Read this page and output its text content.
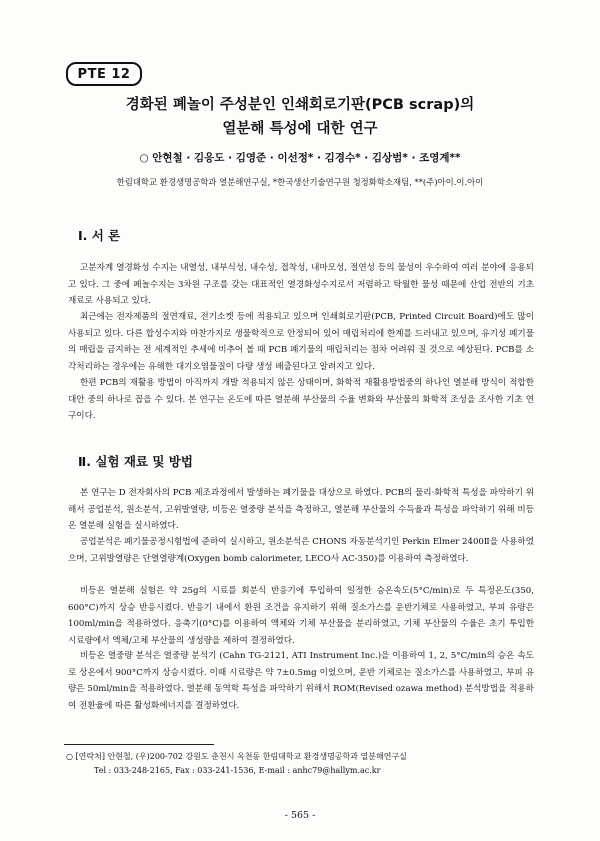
PTE 12
경화된 폐놀이 주성분인 인쇄회로기판(PCB scrap)의
열분해 특성에 대한 연구
○ 안현철 · 김응도 · 김영준 · 이선정* · 김경수* · 김상범* · 조영계**
한림대학교 환경생명공학과 열분해연구실, *한국생산기술연구원 청정화학소재팀, **(주)아이.이.아이
Ⅰ. 서 론

고분자계 열경화성 수지는 내열성, 내부식성, 내수성, 접착성, 내마모성, 절연성 등의 물성이 우수하여 여러 분야에 응용되고 있다. 그 중에 페놀수지는 3차원 구조를 갖는 대표적인 열경화성수지로서 저렴하고 탁월한 물성 때문에 산업 전반의 기초재료로 사용되고 있다.

최근에는 전자제품의 절연재료, 전기소켓 등에 적용되고 있으며 인쇄회로기판(PCB, Printed Circuit Board)에도 많이 사용되고 있다. 다른 합성수지와 마찬가지로 생물학적으로 안정되어 있어 매립처리에 한계를 드러내고 있으며, 유기성 폐기물의 매립을 금지하는 전 세계적인 추세에 비추어 볼 때 PCB 폐기물의 매립처리는 점차 어려워 질 것으로 예상된다. PCB를 소각처리하는 경우에는 유해한 대기오염물질이 다량 생성 배출된다고 알려지고 있다.

한편 PCB의 재활용 방법이 아직까지 개발 적용되지 않은 상태이며, 화학적 재활용방법중의 하나인 열분해 방식이 적합한 대안 중의 하나로 꼽을 수 있다. 본 연구는 온도에 따른 열분해 부산물의 수율 변화와 부산물의 화학적 조성을 조사한 기초 연구이다.

Ⅱ. 실험 재료 및 방법

본 연구는 D 전자회사의 PCB 제조과정에서 발생하는 폐기물을 대상으로 하였다. PCB의 물리·화학적 특성을 파악하기 위해서 공업분석, 원소분석, 고위발열량, 비등온 열중량 분석을 측정하고, 열분해 부산물의 수득율과 특성을 파악하기 위해 비등온 열분해 실험을 실시하였다.

공업분석은 폐기물공정시험법에 준하여 실시하고, 원소분석은 CHONS 자동분석기인 Perkin Elmer 2400Ⅱ을 사용하였으며, 고위발열량은 단열열량계(Oxygen bomb calorimeter, LECO사 AC-350)를 이용하여 측정하였다.

비등온 열분해 실험은 약 25g의 시료를 회분식 반응기에 투입하여 일정한 승온속도(5°C/min)로 두 특정온도(350, 600°C)까지 상승 반응시켰다. 반응기 내에서 환원 조건을 유지하기 위해 질소가스를 운반기체로 사용하였고, 부피 유량은 100ml/min을 적용하였다. 응축기(0°C)를 이용하여 액체와 기체 부산물을 분리하였고, 기체 부산물의 수율은 초기 투입한 시료량에서 액체/고체 부산물의 생성량을 제하여 결정하였다.

비등온 열중량 분석은 열중량 분석기 (Cahn TG-2121, ATI Instrument Inc.)을 이용하여 1, 2, 5°C/min의 승온 속도로 상온에서 900°C까지 상승시켰다. 이때 시료량은 약 7±0.5mg 이었으며, 운반 기체로는 질소가스를 사용하였고, 부피 유량은 50ml/min을 적용하였다. 열분해 동역학 특성을 파악하기 위해서 ROM(Revised ozawa method) 분석방법을 적용하여 전환율에 따른 활성화에너지를 결정하였다.

○ [연락처] 안현철, (우)200-702 강원도 춘천시 옥천동 한림대학교 환경생명공학과 열분해연구실
Tel : 033-248-2165, Fax : 033-241-1536, E-mail : anhc79@hallym.ac.kr
- 565 -
